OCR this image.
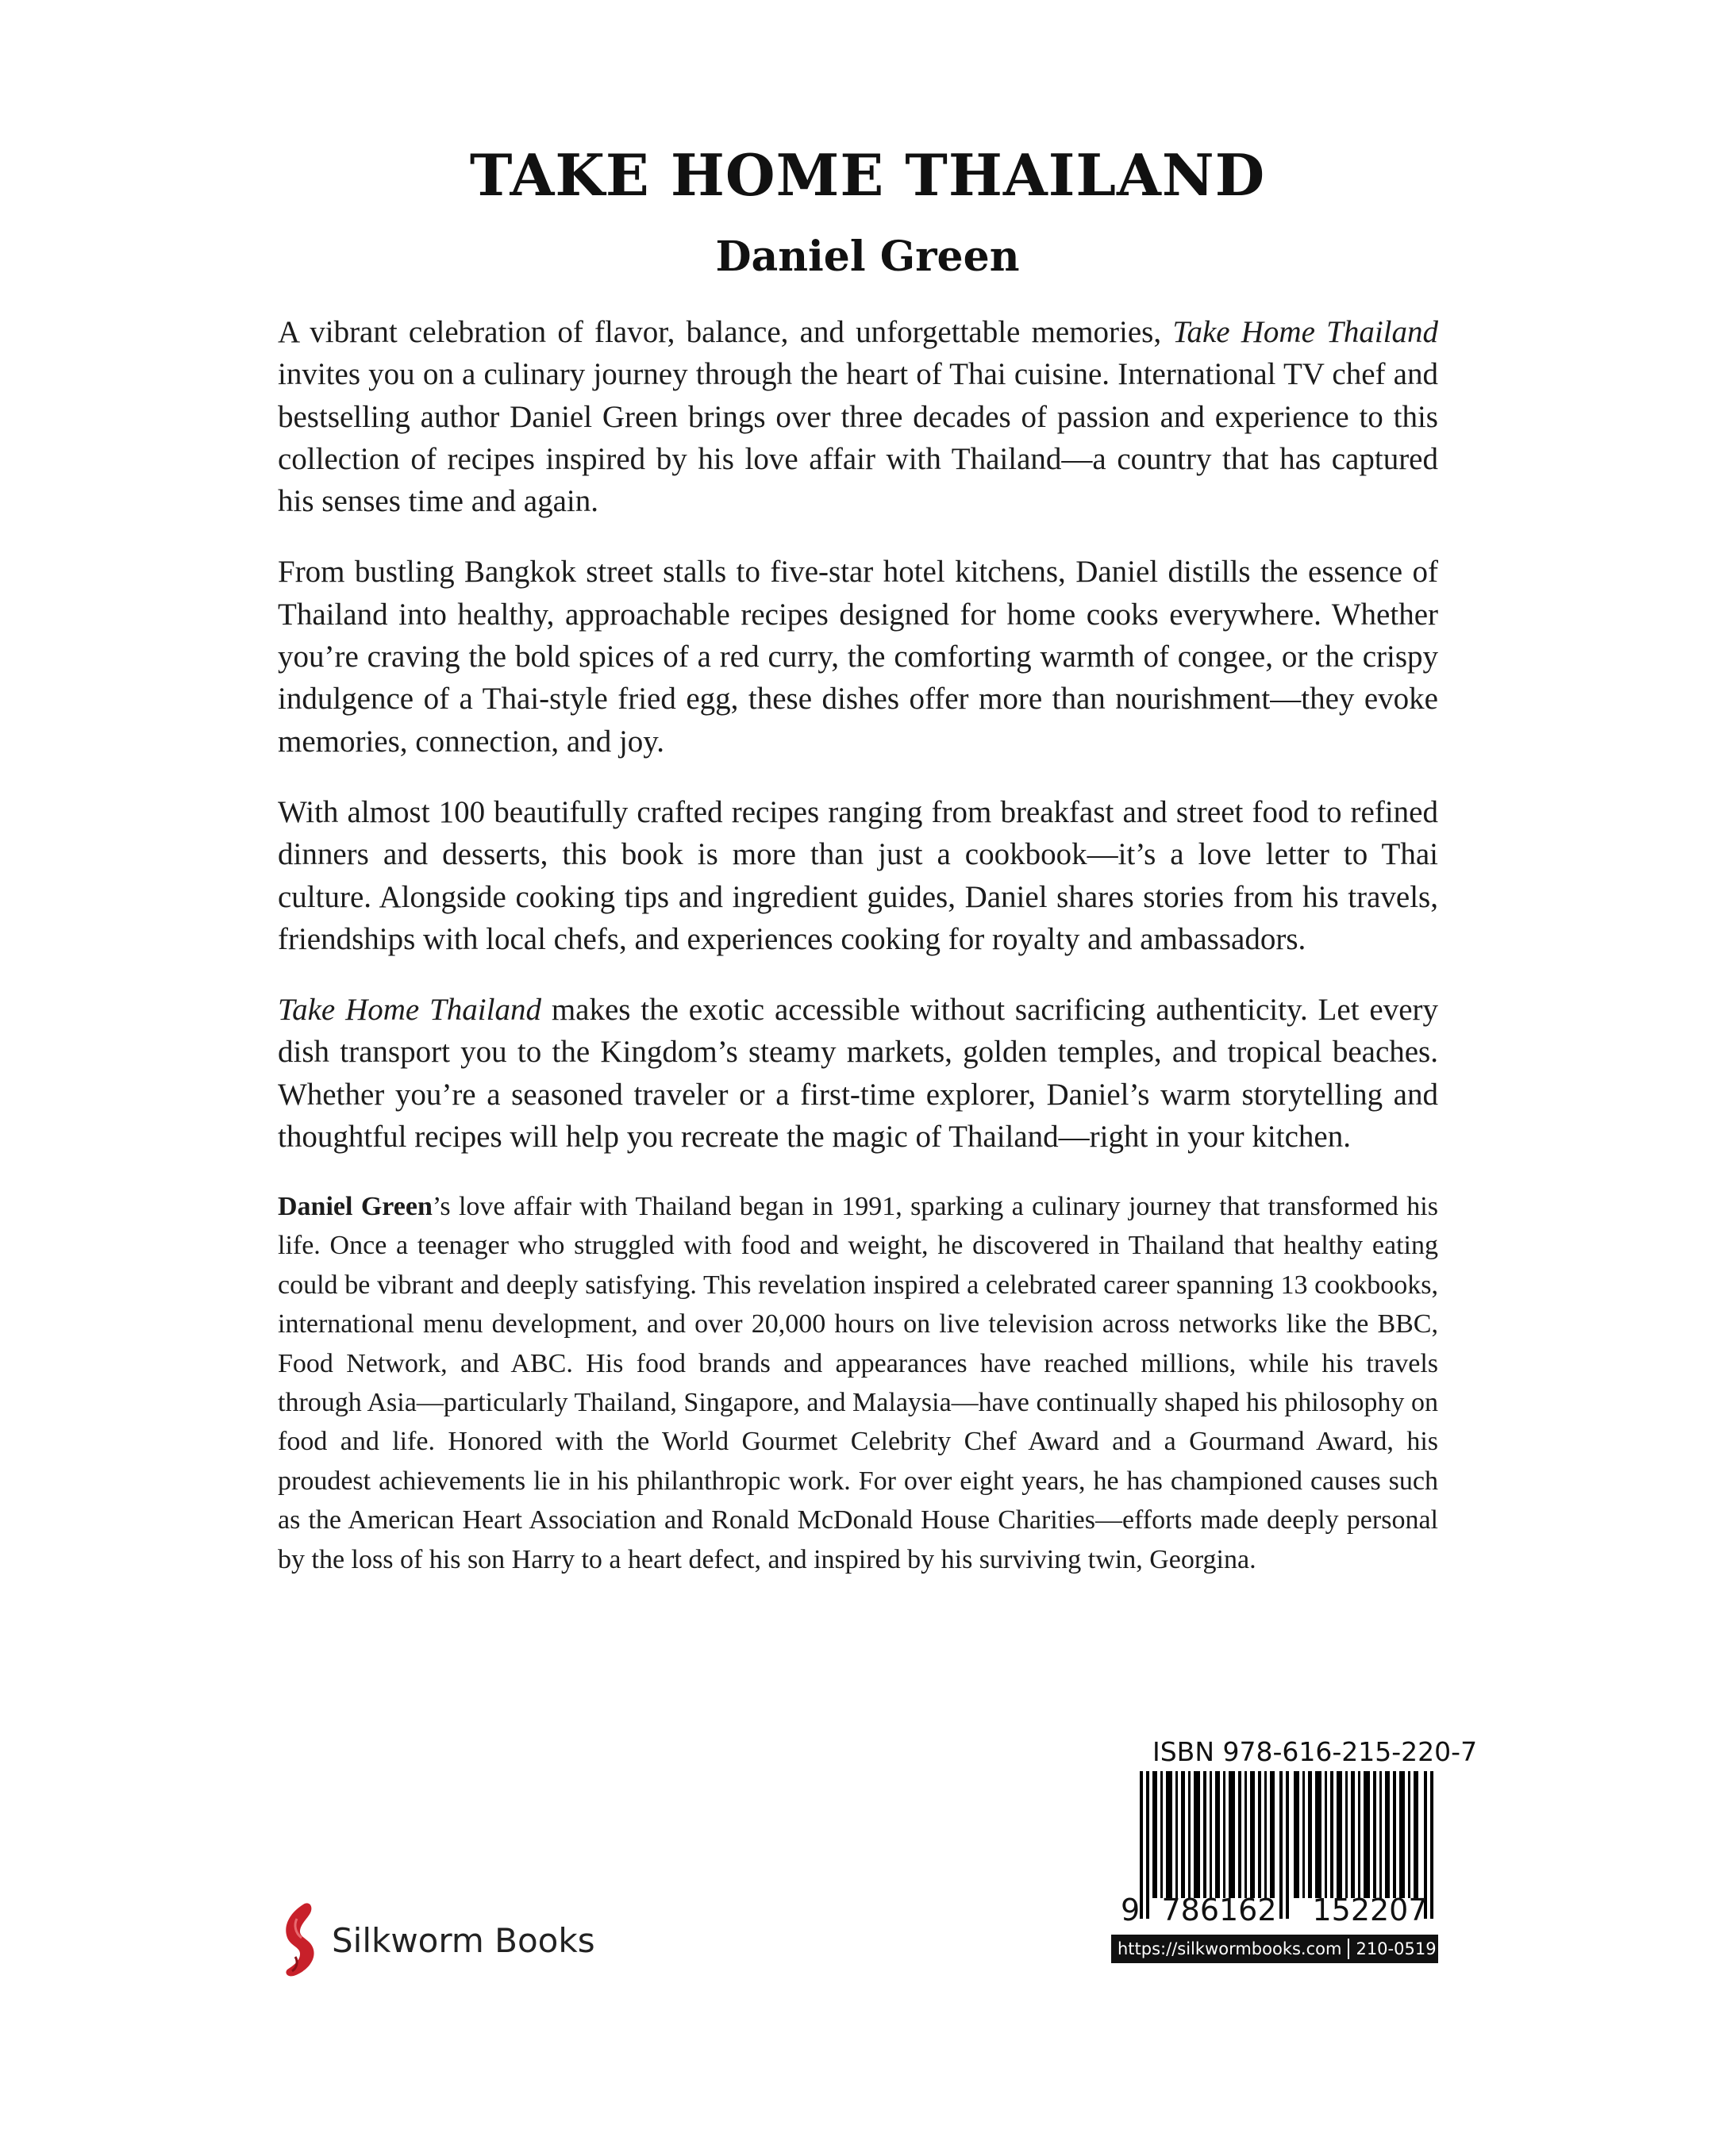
TAKE HOME THAILAND
Daniel Green

A vibrant celebration of flavor, balance, and unforgettable memories, Take Home Thailand invites you on a culinary journey through the heart of Thai cuisine. International TV chef and bestselling author Daniel Green brings over three decades of passion and experience to this collection of recipes inspired by his love affair with Thailand—a country that has captured his senses time and again.

From bustling Bangkok street stalls to five-star hotel kitchens, Daniel distills the essence of Thailand into healthy, approachable recipes designed for home cooks everywhere. Whether you’re craving the bold spices of a red curry, the comforting warmth of congee, or the crispy indulgence of a Thai-style fried egg, these dishes offer more than nourishment—they evoke memories, connection, and joy.

With almost 100 beautifully crafted recipes ranging from breakfast and street food to refined dinners and desserts, this book is more than just a cookbook—it’s a love letter to Thai culture. Alongside cooking tips and ingredient guides, Daniel shares stories from his travels, friendships with local chefs, and experiences cooking for royalty and ambassadors.

Take Home Thailand makes the exotic accessible without sacrificing authenticity. Let every dish transport you to the Kingdom’s steamy markets, golden temples, and tropical beaches. Whether you’re a seasoned traveler or a first-time explorer, Daniel’s warm storytelling and thoughtful recipes will help you recreate the magic of Thailand—right in your kitchen.

Daniel Green’s love affair with Thailand began in 1991, sparking a culinary journey that transformed his life. Once a teenager who struggled with food and weight, he discovered in Thailand that healthy eating could be vibrant and deeply satisfying. This revelation inspired a celebrated career spanning 13 cookbooks, international menu development, and over 20,000 hours on live television across networks like the BBC, Food Network, and ABC. His food brands and appearances have reached millions, while his travels through Asia—particularly Thailand, Singapore, and Malaysia—have continually shaped his philosophy on food and life. Honored with the World Gourmet Celebrity Chef Award and a Gourmand Award, his proudest achievements lie in his philanthropic work. For over eight years, he has championed causes such as the American Heart Association and Ronald McDonald House Charities—efforts made deeply personal by the loss of his son Harry to a heart defect, and inspired by his surviving twin, Georgina.

Silkworm Books

ISBN 978-616-215-220-7

9 786162	152207
https://silkwormbooks.com 210-0519
